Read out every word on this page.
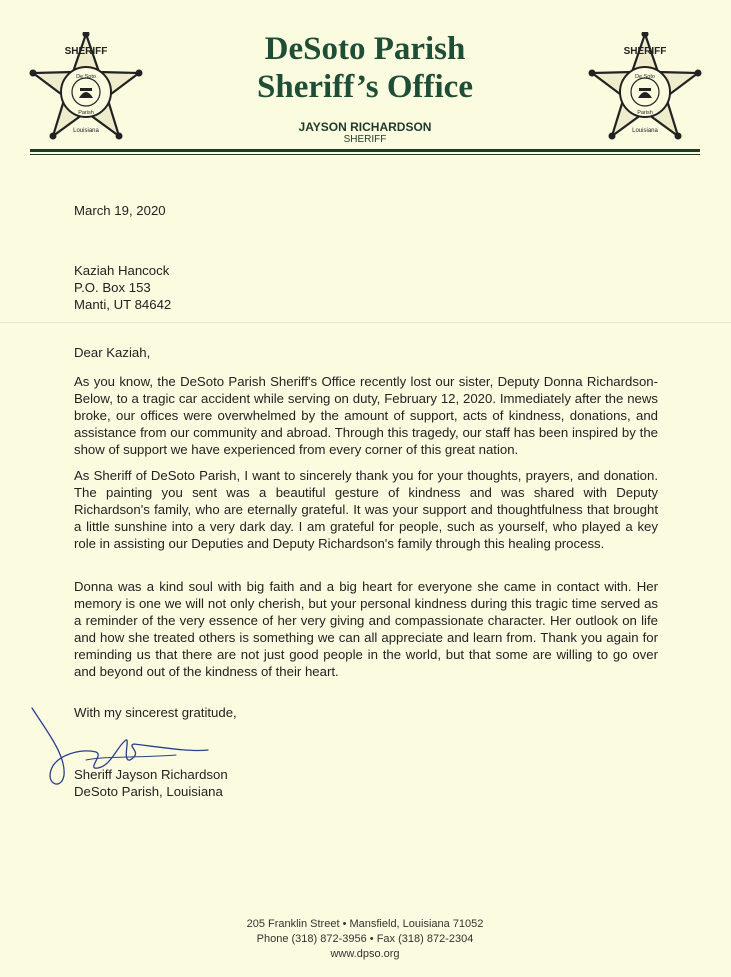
SHERIFF
De Soto
Parish
Louisiana
SHERIFF
De Soto
Parish
Louisiana
DeSoto Parish
Sheriff’s Office
JAYSON RICHARDSON
SHERIFF
March 19, 2020
Kaziah Hancock
P.O. Box 153
Manti, UT 84642
Dear Kaziah,
As you know, the DeSoto Parish Sheriff's Office recently lost our sister, Deputy Donna Richardson-Below, to a tragic car accident while serving on duty, February 12, 2020. Immediately after the news broke, our offices were overwhelmed by the amount of support, acts of kindness, donations, and assistance from our community and abroad. Through this tragedy, our staff has been inspired by the show of support we have experienced from every corner of this great nation.
As Sheriff of DeSoto Parish, I want to sincerely thank you for your thoughts, prayers, and donation. The painting you sent was a beautiful gesture of kindness and was shared with Deputy Richardson's family, who are eternally grateful. It was your support and thoughtfulness that brought a little sunshine into a very dark day. I am grateful for people, such as yourself, who played a key role in assisting our Deputies and Deputy Richardson's family through this healing process.
Donna was a kind soul with big faith and a big heart for everyone she came in contact with. Her memory is one we will not only cherish, but your personal kindness during this tragic time served as a reminder of the very essence of her very giving and compassionate character. Her outlook on life and how she treated others is something we can all appreciate and learn from. Thank you again for reminding us that there are not just good people in the world, but that some are willing to go over and beyond out of the kindness of their heart.
With my sincerest gratitude,
Sheriff Jayson Richardson
DeSoto Parish, Louisiana
205 Franklin Street • Mansfield, Louisiana 71052
Phone (318) 872-3956 • Fax (318) 872-2304
www.dpso.org
